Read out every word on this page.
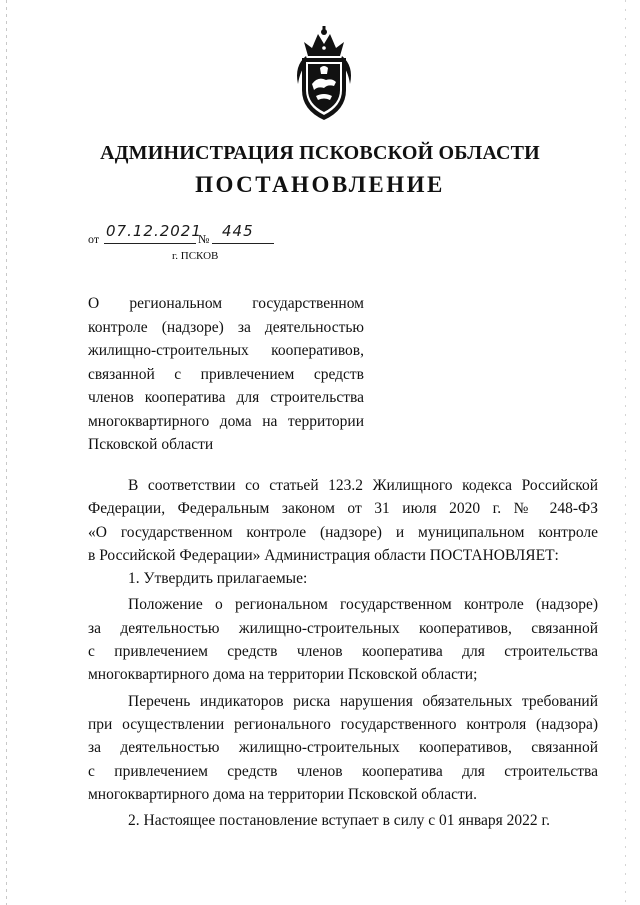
АДМИНИСТРАЦИЯ ПСКОВСКОЙ ОБЛАСТИ
ПОСТАНОВЛЕНИЕ
от 07.12.2021
№ 445
г. ПСКОВ
О региональном государственном
контроле (надзоре) за деятельностью
жилищно-строительных кооперативов,
связанной с привлечением средств
членов кооператива для строительства
многоквартирного дома на территории
Псковской области
В соответствии со статьей 123.2 Жилищного кодекса Российской
Федерации, Федеральным законом от 31 июля 2020 г. № 248-ФЗ
«О государственном контроле (надзоре) и муниципальном контроле
в Российской Федерации» Администрация области ПОСТАНОВЛЯЕТ:
1. Утвердить прилагаемые:
Положение о региональном государственном контроле (надзоре)
за деятельностью жилищно-строительных кооперативов, связанной
с привлечением средств членов кооператива для строительства
многоквартирного дома на территории Псковской области;
Перечень индикаторов риска нарушения обязательных требований
при осуществлении регионального государственного контроля (надзора)
за деятельностью жилищно-строительных кооперативов, связанной
с привлечением средств членов кооператива для строительства
многоквартирного дома на территории Псковской области.
2. Настоящее постановление вступает в силу с 01 января 2022 г.
